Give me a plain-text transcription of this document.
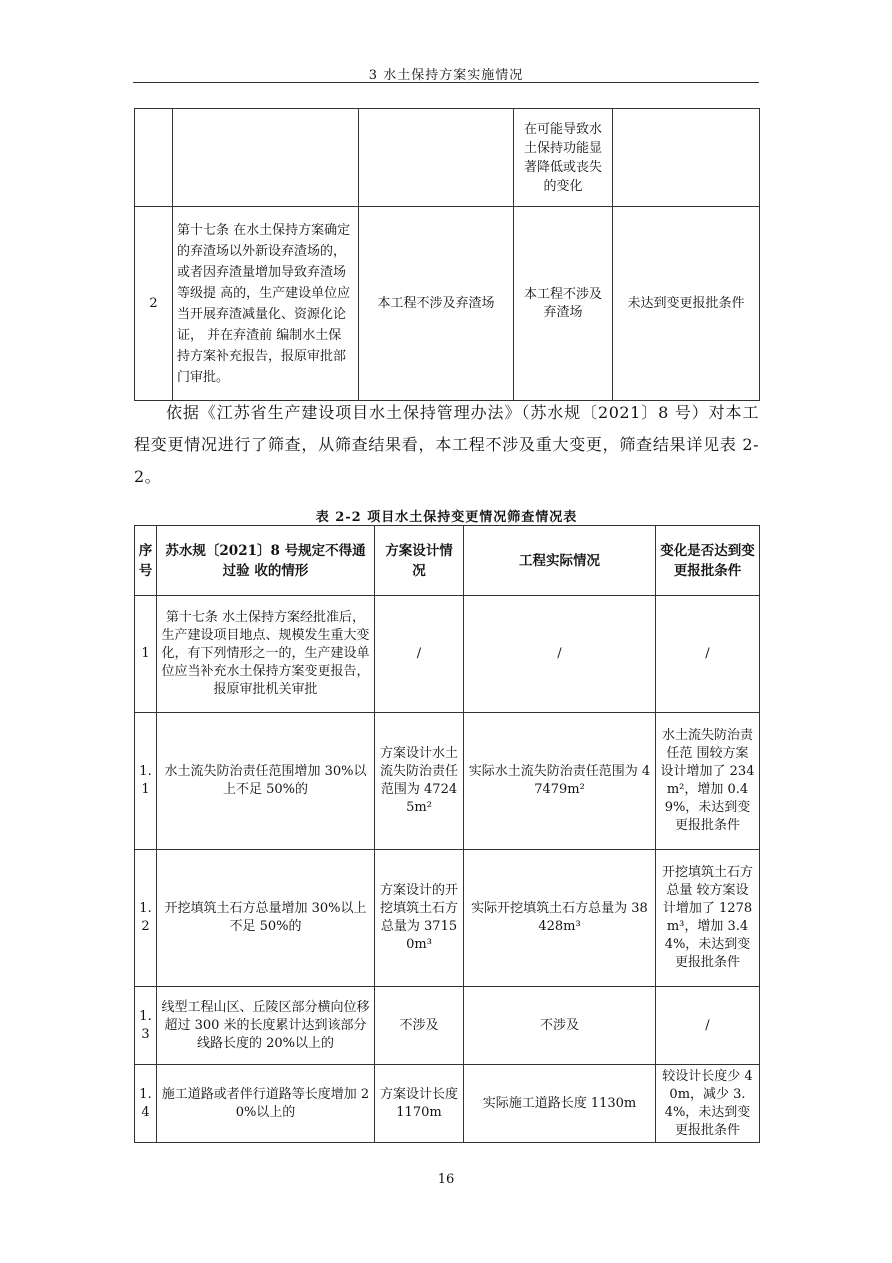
3 水土保持方案实施情况
			在可能导致水土保持功能显著降低或丧失的变化	
2	第十七条 在水土保持方案确定 的弃渣场以外新设弃渣场的，或者因弃渣量增加导致弃渣场等级提 高的，生产建设单位应当开展弃渣减量化、资源化论证， 并在弃渣前 编制水土保持方案补充报告，报原审批部门审批。	本工程不涉及弃渣场	本工程不涉及弃渣场	未达到变更报批条件
依据《江苏省生产建设项目水土保持管理办法》（苏水规〔2021〕8 号）对本工程变更情况进行了筛查，从筛查结果看，本工程不涉及重大变更，筛查结果详见表 2-2。
表 2-2 项目水土保持变更情况筛查情况表
序号	苏水规〔2021〕8 号规定不得通过验 收的情形	方案设计情况	工程实际情况	变化是否达到变更报批条件
1	第十七条 水土保持方案经批准后，生产建设项目地点、规模发生重大变化，有下列情形之一的，生产建设单位应当补充水土保持方案变更报告，报原审批机关审批	/	/	/
1.1	水土流失防治责任范围增加 30%以上不足 50%的	方案设计水土流失防治责任范围为 47245m²	实际水土流失防治责任范围为 47479m²	水土流失防治责任范 围较方案设计增加了 234m²，增加 0.49%，未达到变更报批条件
1.2	开挖填筑土石方总量增加 30%以上不足 50%的	方案设计的开挖填筑土石方总量为 37150m³	实际开挖填筑土石方总量为 38428m³	开挖填筑土石方总量 较方案设计增加了 1278m³，增加 3.44%，未达到变更报批条件
1.3	线型工程山区、丘陵区部分横向位移超过 300 米的长度累计达到该部分线路长度的 20%以上的	不涉及	不涉及	/
1.4	施工道路或者伴行道路等长度增加 20%以上的	方案设计长度 1170m	实际施工道路长度 1130m	较设计长度少 40m，减少 3.4%，未达到变更报批条件
16
